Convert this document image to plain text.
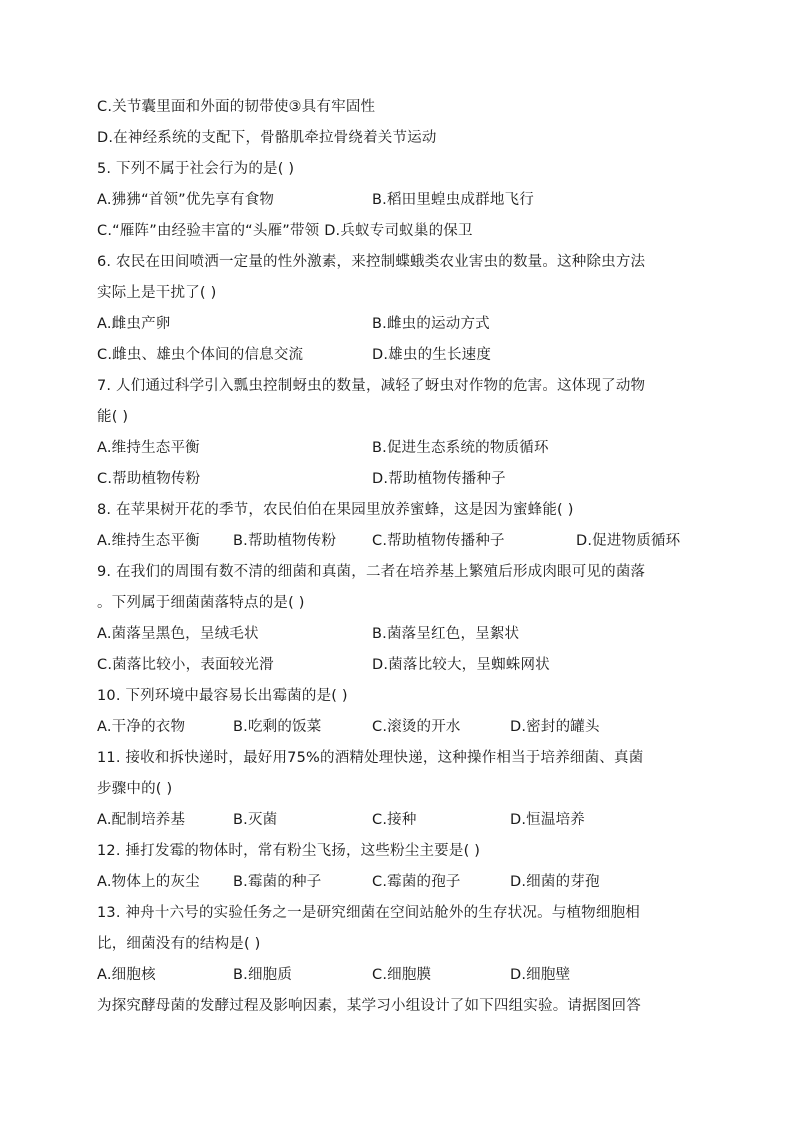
C.关节囊里面和外面的韧带使③具有牢固性
D.在神经系统的支配下，骨骼肌牵拉骨绕着关节运动
5. 下列不属于社会行为的是( )
A.狒狒“首领”优先享有食物	B.稻田里蝗虫成群地飞行
C.“雁阵”由经验丰富的“头雁”带领 D.兵蚁专司蚁巢的保卫
6. 农民在田间喷洒一定量的性外激素，来控制蝶蛾类农业害虫的数量。这种除虫方法
实际上是干扰了( )
A.雌虫产卵	B.雌虫的运动方式
C.雌虫、雄虫个体间的信息交流	D.雄虫的生长速度
7. 人们通过科学引入瓢虫控制蚜虫的数量，减轻了蚜虫对作物的危害。这体现了动物
能( )
A.维持生态平衡	B.促进生态系统的物质循环
C.帮助植物传粉	D.帮助植物传播种子
8. 在苹果树开花的季节，农民伯伯在果园里放养蜜蜂，这是因为蜜蜂能( )
A.维持生态平衡 B.帮助植物传粉 C.帮助植物传播种子	D.促进物质循环
9. 在我们的周围有数不清的细菌和真菌，二者在培养基上繁殖后形成肉眼可见的菌落
。下列属于细菌菌落特点的是( )
A.菌落呈黑色，呈绒毛状	B.菌落呈红色，呈絮状
C.菌落比较小，表面较光滑	D.菌落比较大，呈蜘蛛网状
10. 下列环境中最容易长出霉菌的是( )
A.干净的衣物	B.吃剩的饭菜	C.滚烫的开水	D.密封的罐头
11. 接收和拆快递时，最好用75%的酒精处理快递，这种操作相当于培养细菌、真菌
步骤中的( )
A.配制培养基	B.灭菌	C.接种	D.恒温培养
12. 捶打发霉的物体时，常有粉尘飞扬，这些粉尘主要是( )
A.物体上的灰尘 B.霉菌的种子	C.霉菌的孢子	D.细菌的芽孢
13. 神舟十六号的实验任务之一是研究细菌在空间站舱外的生存状况。与植物细胞相
比，细菌没有的结构是( )
A.细胞核	B.细胞质	C.细胞膜	D.细胞壁
为探究酵母菌的发酵过程及影响因素，某学习小组设计了如下四组实验。请据图回答
